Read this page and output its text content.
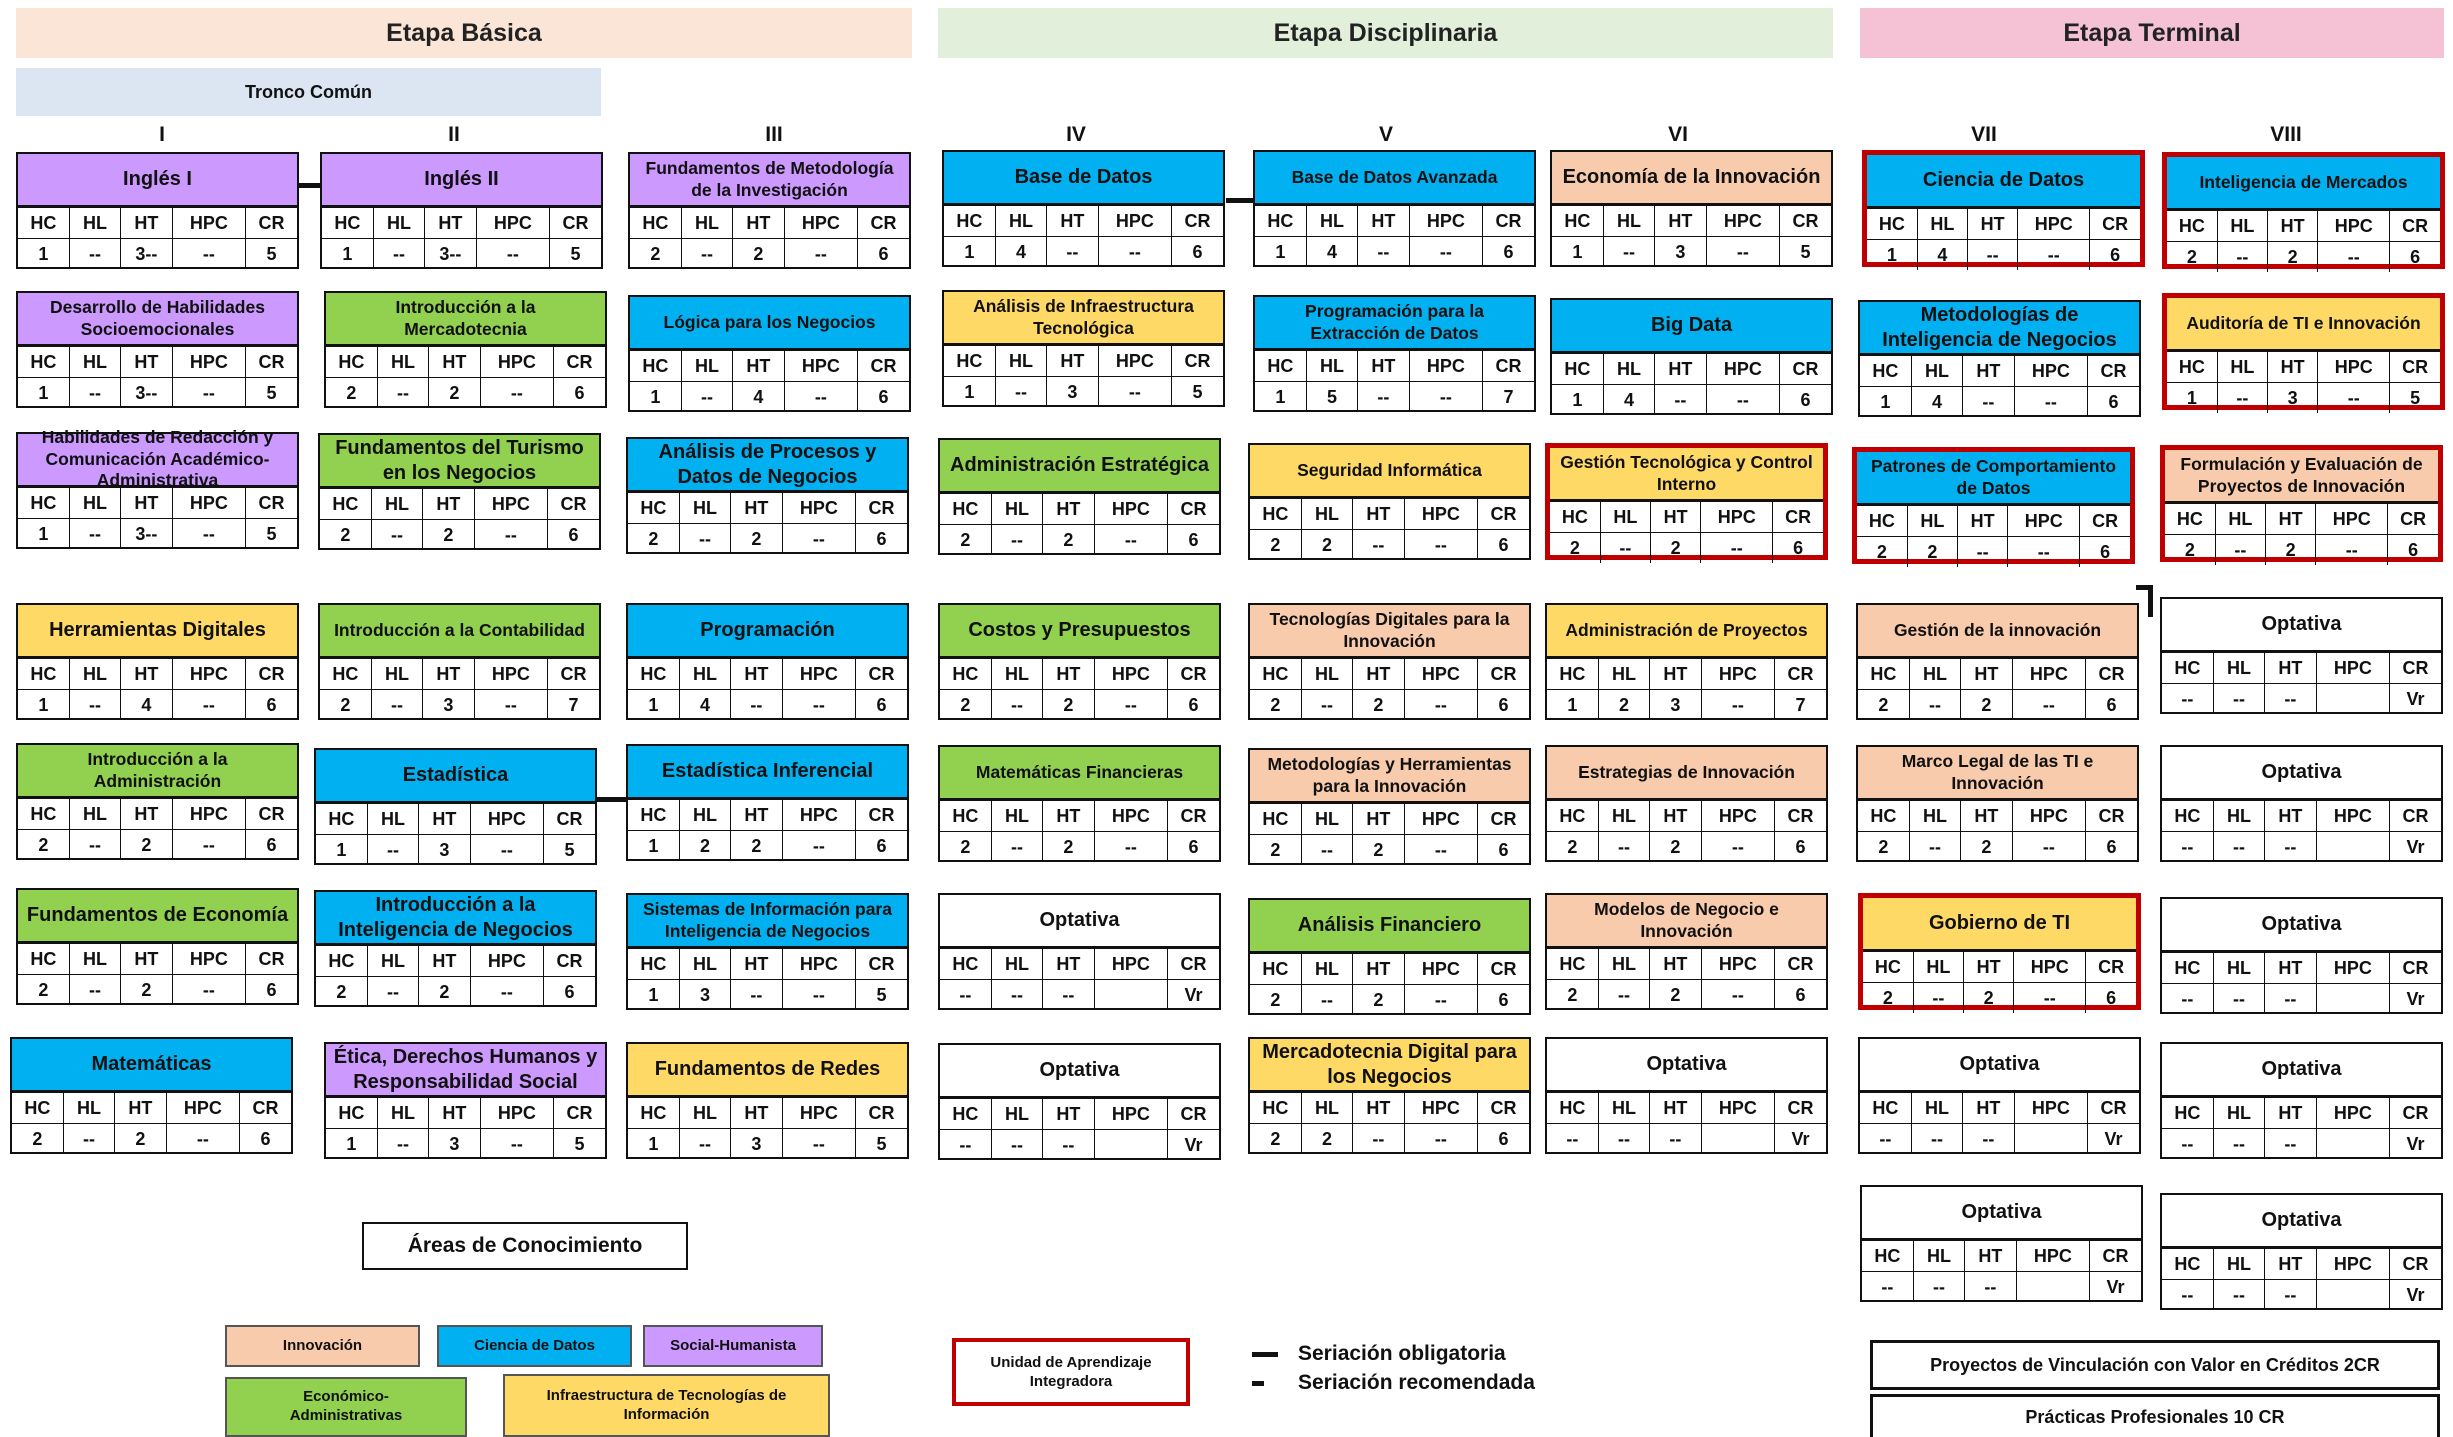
Etapa Básica	Etapa Disciplinaria	Etapa Terminal
Tronco Común
I	II	III	IV	V	VI	VII	VIII
Inglés I
HC	HL	HT	HPC	CR
1	--	3--	--	5
Desarrollo de Habilidades Socioemocionales
HC	HL	HT	HPC	CR
1	--	3--	--	5
Habilidades de Redacción y Comunicación Académico-Administrativa
HC	HL	HT	HPC	CR
1	--	3--	--	5
Herramientas Digitales
HC	HL	HT	HPC	CR
1	--	4	--	6
Introducción a la Administración
HC	HL	HT	HPC	CR
2	--	2	--	6
Fundamentos de Economía
HC	HL	HT	HPC	CR
2	--	2	--	6
Matemáticas
HC	HL	HT	HPC	CR
2	--	2	--	6
Inglés II
HC	HL	HT	HPC	CR
1	--	3--	--	5
Introducción a la Mercadotecnia
HC	HL	HT	HPC	CR
2	--	2	--	6
Fundamentos del Turismo en los Negocios
HC	HL	HT	HPC	CR
2	--	2	--	6
Introducción a la Contabilidad
HC	HL	HT	HPC	CR
2	--	3	--	7
Estadística
HC	HL	HT	HPC	CR
1	--	3	--	5
Introducción a la Inteligencia de Negocios
HC	HL	HT	HPC	CR
2	--	2	--	6
Ética, Derechos Humanos y Responsabilidad Social
HC	HL	HT	HPC	CR
1	--	3	--	5
Fundamentos de Metodología de la Investigación
HC	HL	HT	HPC	CR
2	--	2	--	6
Lógica para los Negocios
HC	HL	HT	HPC	CR
1	--	4	--	6
Análisis de Procesos y Datos de Negocios
HC	HL	HT	HPC	CR
2	--	2	--	6
Programación
HC	HL	HT	HPC	CR
1	4	--	--	6
Estadística Inferencial
HC	HL	HT	HPC	CR
1	2	2	--	6
Sistemas de Información para Inteligencia de Negocios
HC	HL	HT	HPC	CR
1	3	--	--	5
Fundamentos de Redes
HC	HL	HT	HPC	CR
1	--	3	--	5
Base de Datos
HC	HL	HT	HPC	CR
1	4	--	--	6
Análisis de Infraestructura Tecnológica
HC	HL	HT	HPC	CR
1	--	3	--	5
Administración Estratégica
HC	HL	HT	HPC	CR
2	--	2	--	6
Costos y Presupuestos
HC	HL	HT	HPC	CR
2	--	2	--	6
Matemáticas Financieras
HC	HL	HT	HPC	CR
2	--	2	--	6
Optativa
HC	HL	HT	HPC	CR
--	--	--		Vr
Optativa
HC	HL	HT	HPC	CR
--	--	--		Vr
Base de Datos Avanzada
HC	HL	HT	HPC	CR
1	4	--	--	6
Programación para la Extracción de Datos
HC	HL	HT	HPC	CR
1	5	--	--	7
Seguridad Informática
HC	HL	HT	HPC	CR
2	2	--	--	6
Tecnologías Digitales para la Innovación
HC	HL	HT	HPC	CR
2	--	2	--	6
Metodologías y Herramientas para la Innovación
HC	HL	HT	HPC	CR
2	--	2	--	6
Análisis Financiero
HC	HL	HT	HPC	CR
2	--	2	--	6
Mercadotecnia Digital para los Negocios
HC	HL	HT	HPC	CR
2	2	--	--	6
Economía de la Innovación
HC	HL	HT	HPC	CR
1	--	3	--	5
Big Data
HC	HL	HT	HPC	CR
1	4	--	--	6
Gestión Tecnológica y Control Interno
HC	HL	HT	HPC	CR
2	--	2	--	6
Administración de Proyectos
HC	HL	HT	HPC	CR
1	2	3	--	7
Estrategias de Innovación
HC	HL	HT	HPC	CR
2	--	2	--	6
Modelos de Negocio e Innovación
HC	HL	HT	HPC	CR
2	--	2	--	6
Optativa
HC	HL	HT	HPC	CR
--	--	--		Vr
Ciencia de Datos
HC	HL	HT	HPC	CR
1	4	--	--	6
Metodologías de Inteligencia de Negocios
HC	HL	HT	HPC	CR
1	4	--	--	6
Patrones de Comportamiento de Datos
HC	HL	HT	HPC	CR
2	2	--	--	6
Gestión de la innovación
HC	HL	HT	HPC	CR
2	--	2	--	6
Marco Legal de las TI e Innovación
HC	HL	HT	HPC	CR
2	--	2	--	6
Gobierno de TI
HC	HL	HT	HPC	CR
2	--	2	--	6
Optativa
HC	HL	HT	HPC	CR
--	--	--		Vr
Optativa
HC	HL	HT	HPC	CR
--	--	--		Vr
Inteligencia de Mercados
HC	HL	HT	HPC	CR
2	--	2	--	6
Auditoría de TI e Innovación
HC	HL	HT	HPC	CR
1	--	3	--	5
Formulación y Evaluación de Proyectos de Innovación
HC	HL	HT	HPC	CR
2	--	2	--	6
Optativa
HC	HL	HT	HPC	CR
--	--	--		Vr
Optativa
HC	HL	HT	HPC	CR
--	--	--		Vr
Optativa
HC	HL	HT	HPC	CR
--	--	--		Vr
Optativa
HC	HL	HT	HPC	CR
--	--	--		Vr
Optativa
HC	HL	HT	HPC	CR
--	--	--		Vr
Áreas de Conocimiento
Innovación	Ciencia de Datos	Social-Humanista
Económico-Administrativas
Infraestructura de Tecnologías de Información
Unidad de Aprendizaje Integradora
Seriación obligatoria
Seriación recomendada
Proyectos de Vinculación con Valor en Créditos 2CR
Prácticas Profesionales 10 CR
